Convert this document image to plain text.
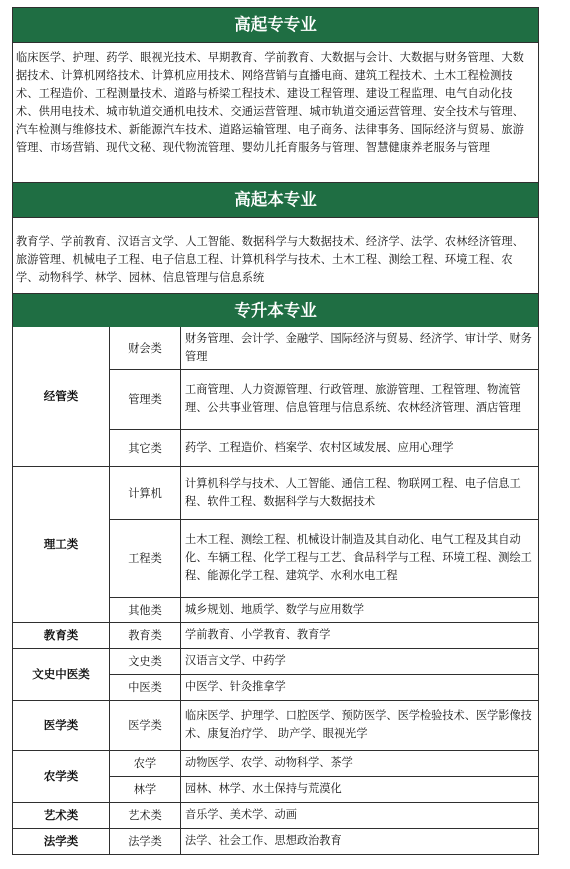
高起专专业
临床医学、护理、药学、眼视光技术、早期教育、学前教育、大数据与会计、大数据与财务管理、大数据技术、计算机网络技术、计算机应用技术、网络营销与直播电商、建筑工程技术、土木工程检测技术、工程造价、工程测量技术、道路与桥梁工程技术、建设工程管理、建设工程监理、电气自动化技术、供用电技术、城市轨道交通机电技术、交通运营管理、城市轨道交通运营管理、安全技术与管理、汽车检测与维修技术、新能源汽车技术、道路运输管理、电子商务、法律事务、国际经济与贸易、旅游管理、市场营销、现代文秘、现代物流管理、婴幼儿托育服务与管理、智慧健康养老服务与管理
高起本专业
教育学、学前教育、汉语言文学、人工智能、数据科学与大数据技术、经济学、法学、农林经济管理、旅游管理、机械电子工程、电子信息工程、计算机科学与技术、土木工程、测绘工程、环境工程、农学、动物科学、林学、园林、信息管理与信息系统
专升本专业
经管类	财会类	财务管理、会计学、金融学、国际经济与贸易、经济学、审计学、财务管理
	管理类	工商管理、人力资源管理、行政管理、旅游管理、工程管理、物流管理、公共事业管理、信息管理与信息系统、农林经济管理、酒店管理
	其它类	药学、工程造价、档案学、农村区域发展、应用心理学
理工类	计算机	计算机科学与技术、人工智能、通信工程、物联网工程、电子信息工程、软件工程、数据科学与大数据技术
	工程类	土木工程、测绘工程、机械设计制造及其自动化、电气工程及其自动化、车辆工程、化学工程与工艺、食品科学与工程、环境工程、测绘工程、能源化学工程、建筑学、水利水电工程
	其他类	城乡规划、地质学、数学与应用数学
教育类	教育类	学前教育、小学教育、教育学
文史中医类	文史类	汉语言文学、中药学
	中医类	中医学、针灸推拿学
医学类	医学类	临床医学、护理学、口腔医学、预防医学、医学检验技术、医学影像技术、康复治疗学、 助产学、眼视光学
农学类	农学	动物医学、农学、动物科学、茶学
	林学	园林、林学、水土保持与荒漠化
艺术类	艺术类	音乐学、美术学、动画
法学类	法学类	法学、社会工作、思想政治教育
